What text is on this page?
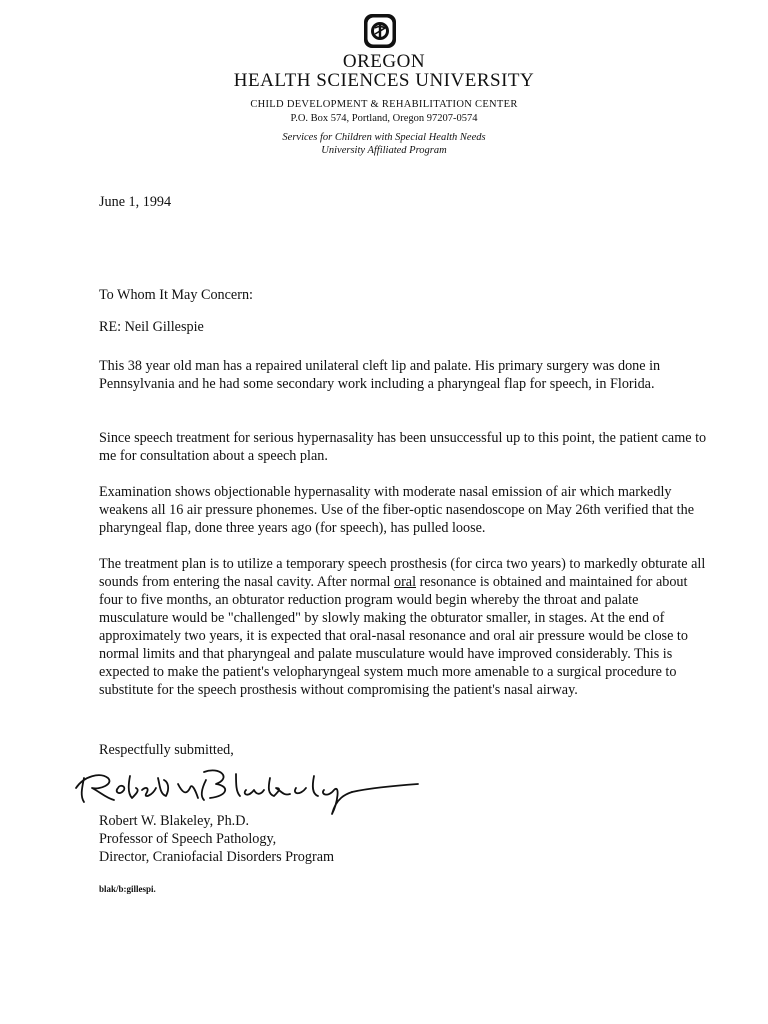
OREGON
HEALTH SCIENCES UNIVERSITY
CHILD DEVELOPMENT & REHABILITATION CENTER
P.O. Box 574, Portland, Oregon 97207-0574
Services for Children with Special Health Needs
University Affiliated Program
June 1, 1994
To Whom It May Concern:
RE: Neil Gillespie
This 38 year old man has a repaired unilateral cleft lip and palate. His primary surgery was done in Pennsylvania and he had some secondary work including a pharyngeal flap for speech, in Florida.
Since speech treatment for serious hypernasality has been unsuccessful up to this point, the patient came to me for consultation about a speech plan.
Examination shows objectionable hypernasality with moderate nasal emission of air which markedly weakens all 16 air pressure phonemes. Use of the fiber-optic nasendoscope on May 26th verified that the pharyngeal flap, done three years ago (for speech), has pulled loose.
The treatment plan is to utilize a temporary speech prosthesis (for circa two years) to markedly obturate all sounds from entering the nasal cavity. After normal oral resonance is obtained and maintained for about four to five months, an obturator reduction program would begin whereby the throat and palate musculature would be "challenged" by slowly making the obturator smaller, in stages. At the end of approximately two years, it is expected that oral-nasal resonance and oral air pressure would be close to normal limits and that pharyngeal and palate musculature would have improved considerably. This is expected to make the patient's velopharyngeal system much more amenable to a surgical procedure to substitute for the speech prosthesis without compromising the patient's nasal airway.
Respectfully submitted,
Robert W. Blakeley, Ph.D.
Professor of Speech Pathology,
Director, Craniofacial Disorders Program
blak/b:gillespi.
